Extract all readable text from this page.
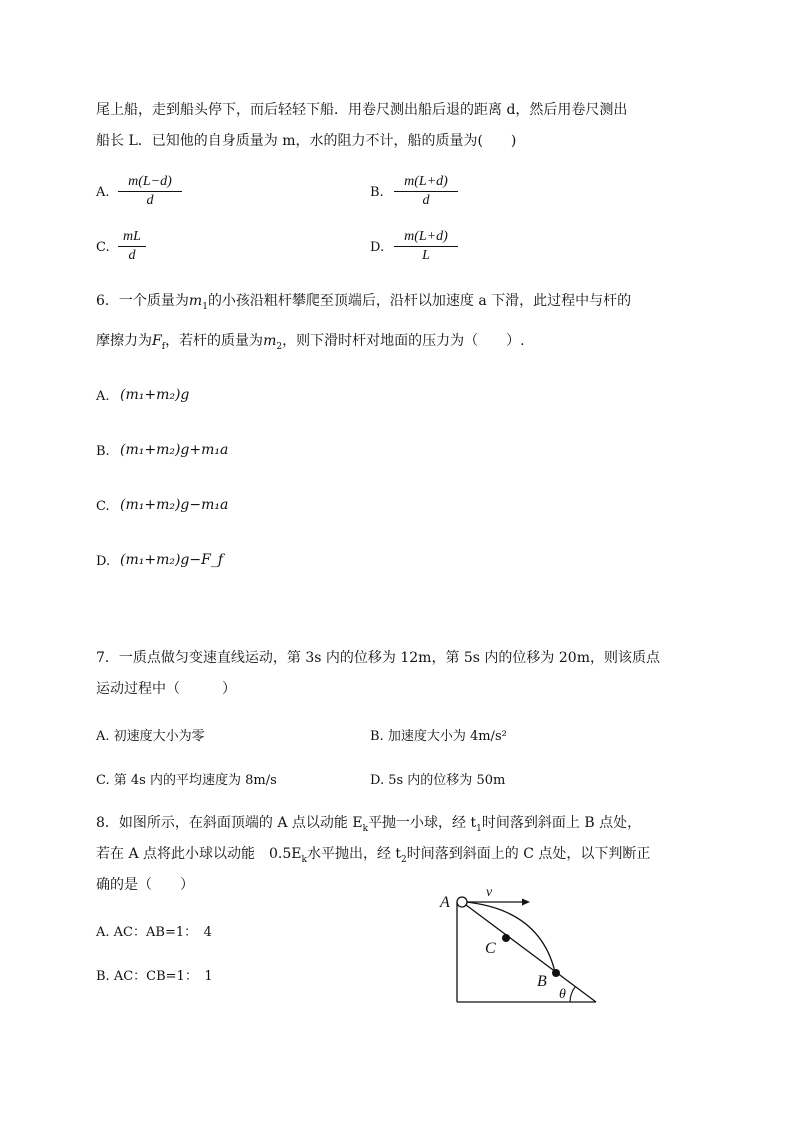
尾上船，走到船头停下，而后轻轻下船．用卷尺测出船后退的距离 d，然后用卷尺测出
船长 L．已知他的自身质量为 m，水的阻力不计，船的质量为(　　)
A. $\frac{m(L-d)}{d}$	B. $\frac{m(L+d)}{d}$
C. $\frac{mL}{d}$	D. $\frac{m(L+d)}{L}$
6．一个质量为$m_1$的小孩沿粗杆攀爬至顶端后，沿杆以加速度 a 下滑，此过程中与杆的
摩擦力为$F_f$，若杆的质量为$m_2$，则下滑时杆对地面的压力为（　　）.
A. (m₁+m₂)g
B. (m₁+m₂)g+m₁a
C. (m₁+m₂)g−m₁a
D. (m₁+m₂)g−F_f
7．一质点做匀变速直线运动，第 3s 内的位移为 12m，第 5s 内的位移为 20m，则该质点
运动过程中（　　　）
A. 初速度大小为零	B. 加速度大小为 4m/s²
C. 第 4s 内的平均速度为 8m/s	D. 5s 内的位移为 50m
8．如图所示，在斜面顶端的 A 点以动能 $E_k$平抛一小球，经 $t_1$时间落到斜面上 B 点处，
若在 A 点将此小球以动能　$0.5E_k$水平抛出，经 $t_2$时间落到斜面上的 C 点处，以下判断正
确的是（　　）
A. AC：AB=1：　4
B. AC：CB=1：　1
A
v
C
B
θ
